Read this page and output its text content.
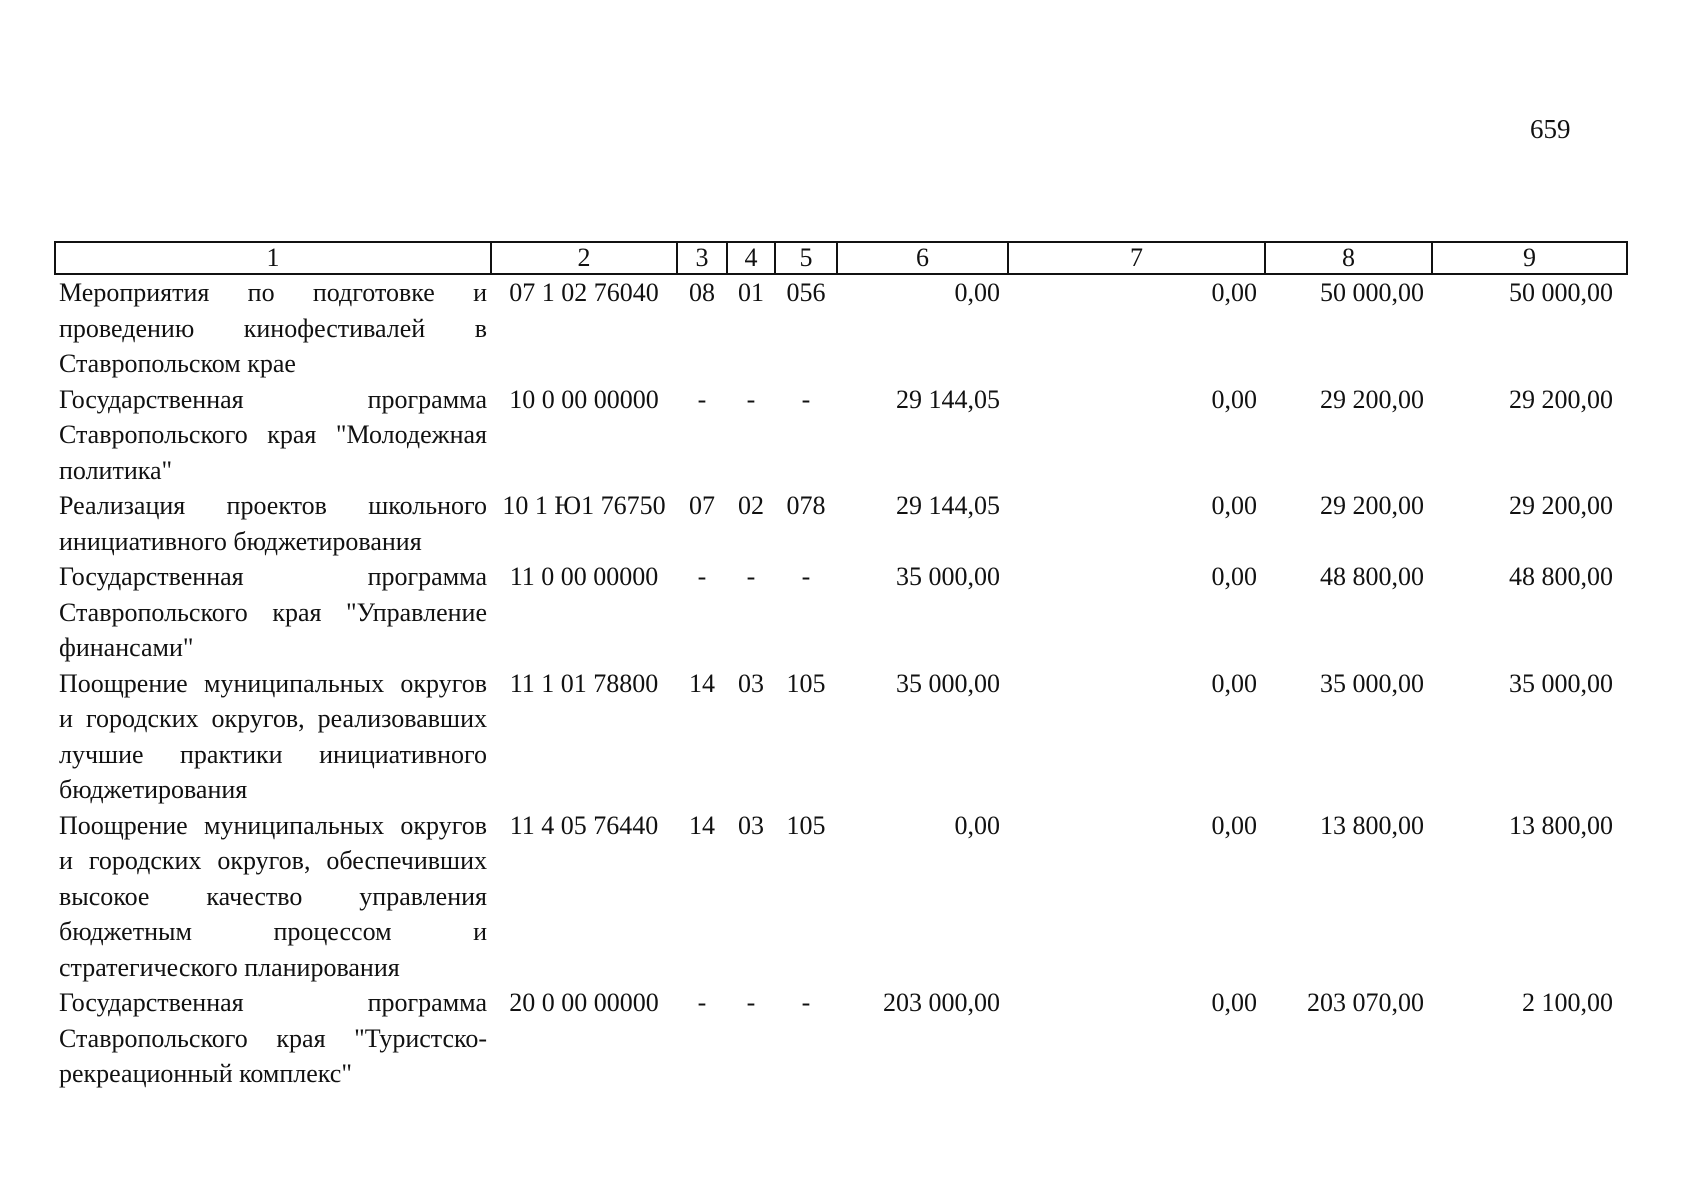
659
1	2	3	4	5	6	7	8	9
Мероприятия по подготовке и проведению кинофестивалей в Ставропольском крае	07 1 02 76040	08	01	056	0,00	0,00	50 000,00	50 000,00
Государственная программа Ставропольского края "Молодежная политика"	10 0 00 00000	-	-	-	29 144,05	0,00	29 200,00	29 200,00
Реализация проектов школьного инициативного бюджетирования	10 1 Ю1 76750	07	02	078	29 144,05	0,00	29 200,00	29 200,00
Государственная программа Ставропольского края "Управление финансами"	11 0 00 00000	-	-	-	35 000,00	0,00	48 800,00	48 800,00
Поощрение муниципальных округов и городских округов, реализовавших лучшие практики инициативного бюджетирования	11 1 01 78800	14	03	105	35 000,00	0,00	35 000,00	35 000,00
Поощрение муниципальных округов и городских округов, обеспечивших высокое качество управления бюджетным процессом и стратегического планирования	11 4 05 76440	14	03	105	0,00	0,00	13 800,00	13 800,00
Государственная программа Ставропольского края "Туристско-рекреационный комплекс"	20 0 00 00000	-	-	-	203 000,00	0,00	203 070,00	2 100,00
